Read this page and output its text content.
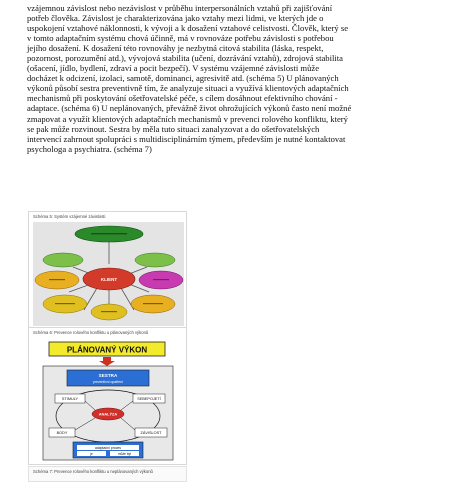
vzájemnou závislost nebo nezávislost v průběhu interpersonálních vztahů při zajišťování
potřeb člověka. Závislost je charakterizována jako vztahy mezi lidmi, ve kterých jde o
uspokojení vztahové náklonnosti, k vývoji a k dosažení vztahové celistvosti. Člověk, který se
v tomto adaptačním systému chová účinně, má v rovnováze potřebu závislosti s potřebou
jejího dosažení. K dosažení této rovnováhy je nezbytná citová stabilita (láska, respekt,
pozornost, porozumění atd.), vývojová stabilita (učení, dozrávání vztahů), zdrojová stabilita
(ošacení, jídlo, bydlení, zdraví a pocit bezpečí). V systému vzájemné závislosti může
docházet k odcizení, izolaci, samotě, dominanci, agresivitě atd. (schéma 5) U plánovaných
výkonů působí sestra preventivně tím, že analyzuje situaci a využívá klientových adaptačních
mechanismů při poskytování ošetřovatelské péče, s cílem dosáhnout efektivního chování -
adaptace. (schéma 6) U neplánovaných, převážně život ohrožujících výkonů často není možné
zmapovat a využít klientových adaptačních mechanismů v prevenci rolového konfliktu, který
se pak může rozvinout. Sestra by měla tuto situaci zanalyzovat a do ošetřovatelských
intervencí zahrnout spolupráci s multidisciplinárním týmem, především je nutné kontaktovat
psychologa a psychiatra. (schéma 7)
Schéma 5: Systém vzájemné závislosti
KLIENT
Schéma 6: Prevence rolového konfliktu u plánovaných výkonů
PLÁNOVANÝ VÝKON
SESTRA
preventivní opatření
STIMULY	SEBEPOJETÍ
ANALÝZA
BODY	ZÁVISLOST
adaptační proces
je	může být
Schéma 7: Prevence rolového konfliktu u neplánovaných výkonů
